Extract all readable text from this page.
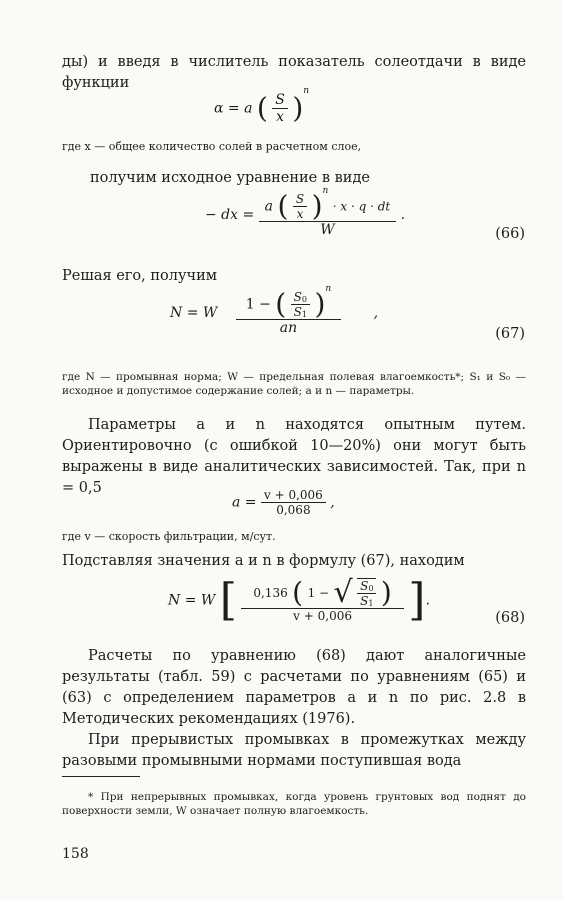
ды) и введя в числитель показатель солеотдачи в виде функции
α = a ( $\frac{S}{x} )^n$
где x — общее количество солей в расчетном слое,
получим исходное уравнение в виде
− dx =
a ( $\frac{S}{x} )^n \cdot x \cdot q$ · dt
W
.
(66)
Решая его, получим
N = W $\frac{1 - ( \frac{S0}{S1} )^n}{an}$ ,
(67)
где N — промывная норма; W — предельная полевая влагоемкость*; S₁ и S₀ — исходное и допустимое содержание солей; a и n — параметры.
Параметры a и n находятся опытным путем. Ориентировочно (с ошибкой 10—20%) они могут быть выражены в виде аналитических зависимостей. Так, при n = 0,5
$a = \frac{v + 0,006}{0,068}$ ,
где v — скорость фильтрации, м/сут.
Подставляя значения a и n в формулу (67), находим
N = W [	0,136 ( 1 − √ $\frac{S0}{S1}$ )
v + 0,006	].
(68)
Расчеты по уравнению (68) дают аналогичные результаты (табл. 59) с расчетами по уравнениям (65) и (63) с определением параметров a и n по рис. 2.8 в Методических рекомендациях (1976).
При прерывистых промывках в промежутках между разовыми промывными нормами поступившая вода
* При непрерывных промывках, когда уровень грунтовых вод поднят до поверхности земли, W означает полную влагоемкость.
158
